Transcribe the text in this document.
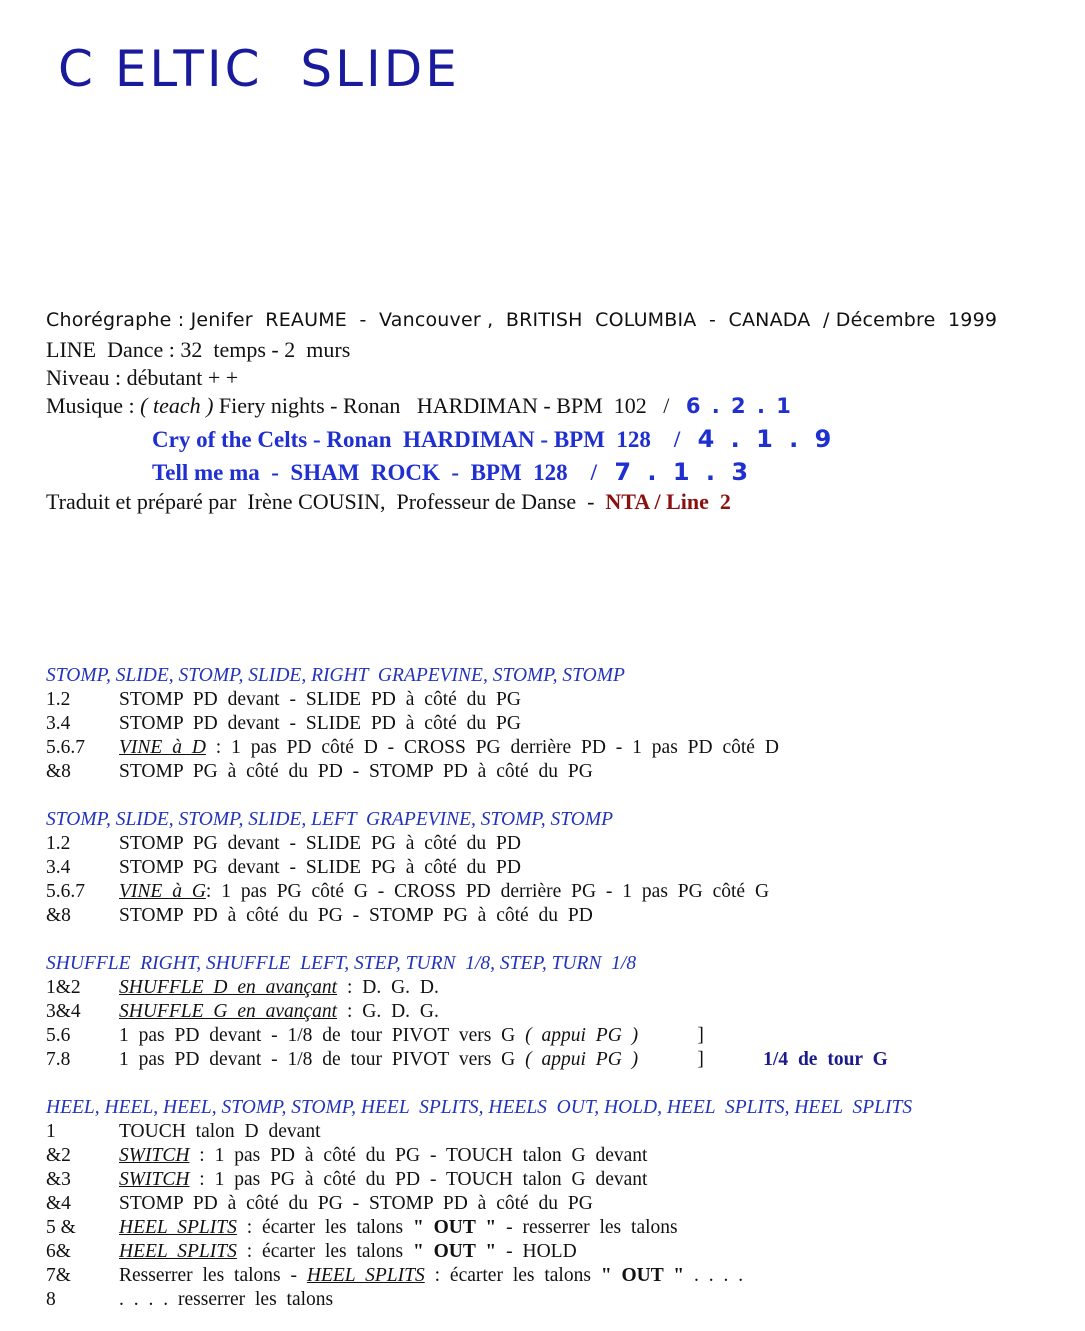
C ELTIC  SLIDE
Chorégraphe : Jenifer  REAUME  -  Vancouver ,  BRITISH  COLUMBIA  -  CANADA  / Décembre  1999
LINE  Dance : 32  temps - 2  murs
Niveau : débutant + +
Musique : ( teach ) Fiery nights - Ronan   HARDIMAN - BPM  102   /   6 . 2 . 1
Cry of the Celts - Ronan  HARDIMAN - BPM  128    /   4 . 1 . 9
Tell me ma  -  SHAM  ROCK  -  BPM  128    /   7 . 1 . 3
Traduit et préparé par  Irène COUSIN,  Professeur de Danse  -  NTA / Line  2
STOMP, SLIDE, STOMP, SLIDE, RIGHT  GRAPEVINE, STOMP, STOMP
1.2 STOMP PD devant - SLIDE PD à côté du PG
3.4 STOMP PD devant - SLIDE PD à côté du PG
5.6.7 VINE à D : 1 pas PD côté D - CROSS PG derrière PD - 1 pas PD côté D
&8 STOMP PG à côté du PD - STOMP PD à côté du PG
STOMP, SLIDE, STOMP, SLIDE, LEFT  GRAPEVINE, STOMP, STOMP
1.2 STOMP PG devant - SLIDE PG à côté du PD
3.4 STOMP PG devant - SLIDE PG à côté du PD
5.6.7 VINE à G: 1 pas PG côté G - CROSS PD derrière PG - 1 pas PG côté G
&8 STOMP PD à côté du PG - STOMP PG à côté du PD
SHUFFLE  RIGHT, SHUFFLE  LEFT, STEP, TURN  1/8, STEP, TURN  1/8
1&2 SHUFFLE D en avançant : D. G. D.
3&4 SHUFFLE G en avançant : G. D. G.
5.6 1 pas PD devant - 1/8 de tour PIVOT vers G ( appui PG )      ]
7.8 1 pas PD devant - 1/8 de tour PIVOT vers G ( appui PG )      ]      1/4 de tour G
HEEL, HEEL, HEEL, STOMP, STOMP, HEEL  SPLITS, HEELS  OUT, HOLD, HEEL  SPLITS, HEEL  SPLITS
1	TOUCH talon D devant
&2 SWITCH : 1 pas PD à côté du PG - TOUCH talon G devant
&3 SWITCH : 1 pas PG à côté du PD - TOUCH talon G devant
&4 STOMP PD à côté du PG - STOMP PD à côté du PG
5 & HEEL SPLITS : écarter les talons " OUT " - resserrer les talons
6& HEEL SPLITS : écarter les talons " OUT " - HOLD
7& Resserrer les talons - HEEL SPLITS : écarter les talons " OUT " . . . .
8	. . . . resserrer les talons
